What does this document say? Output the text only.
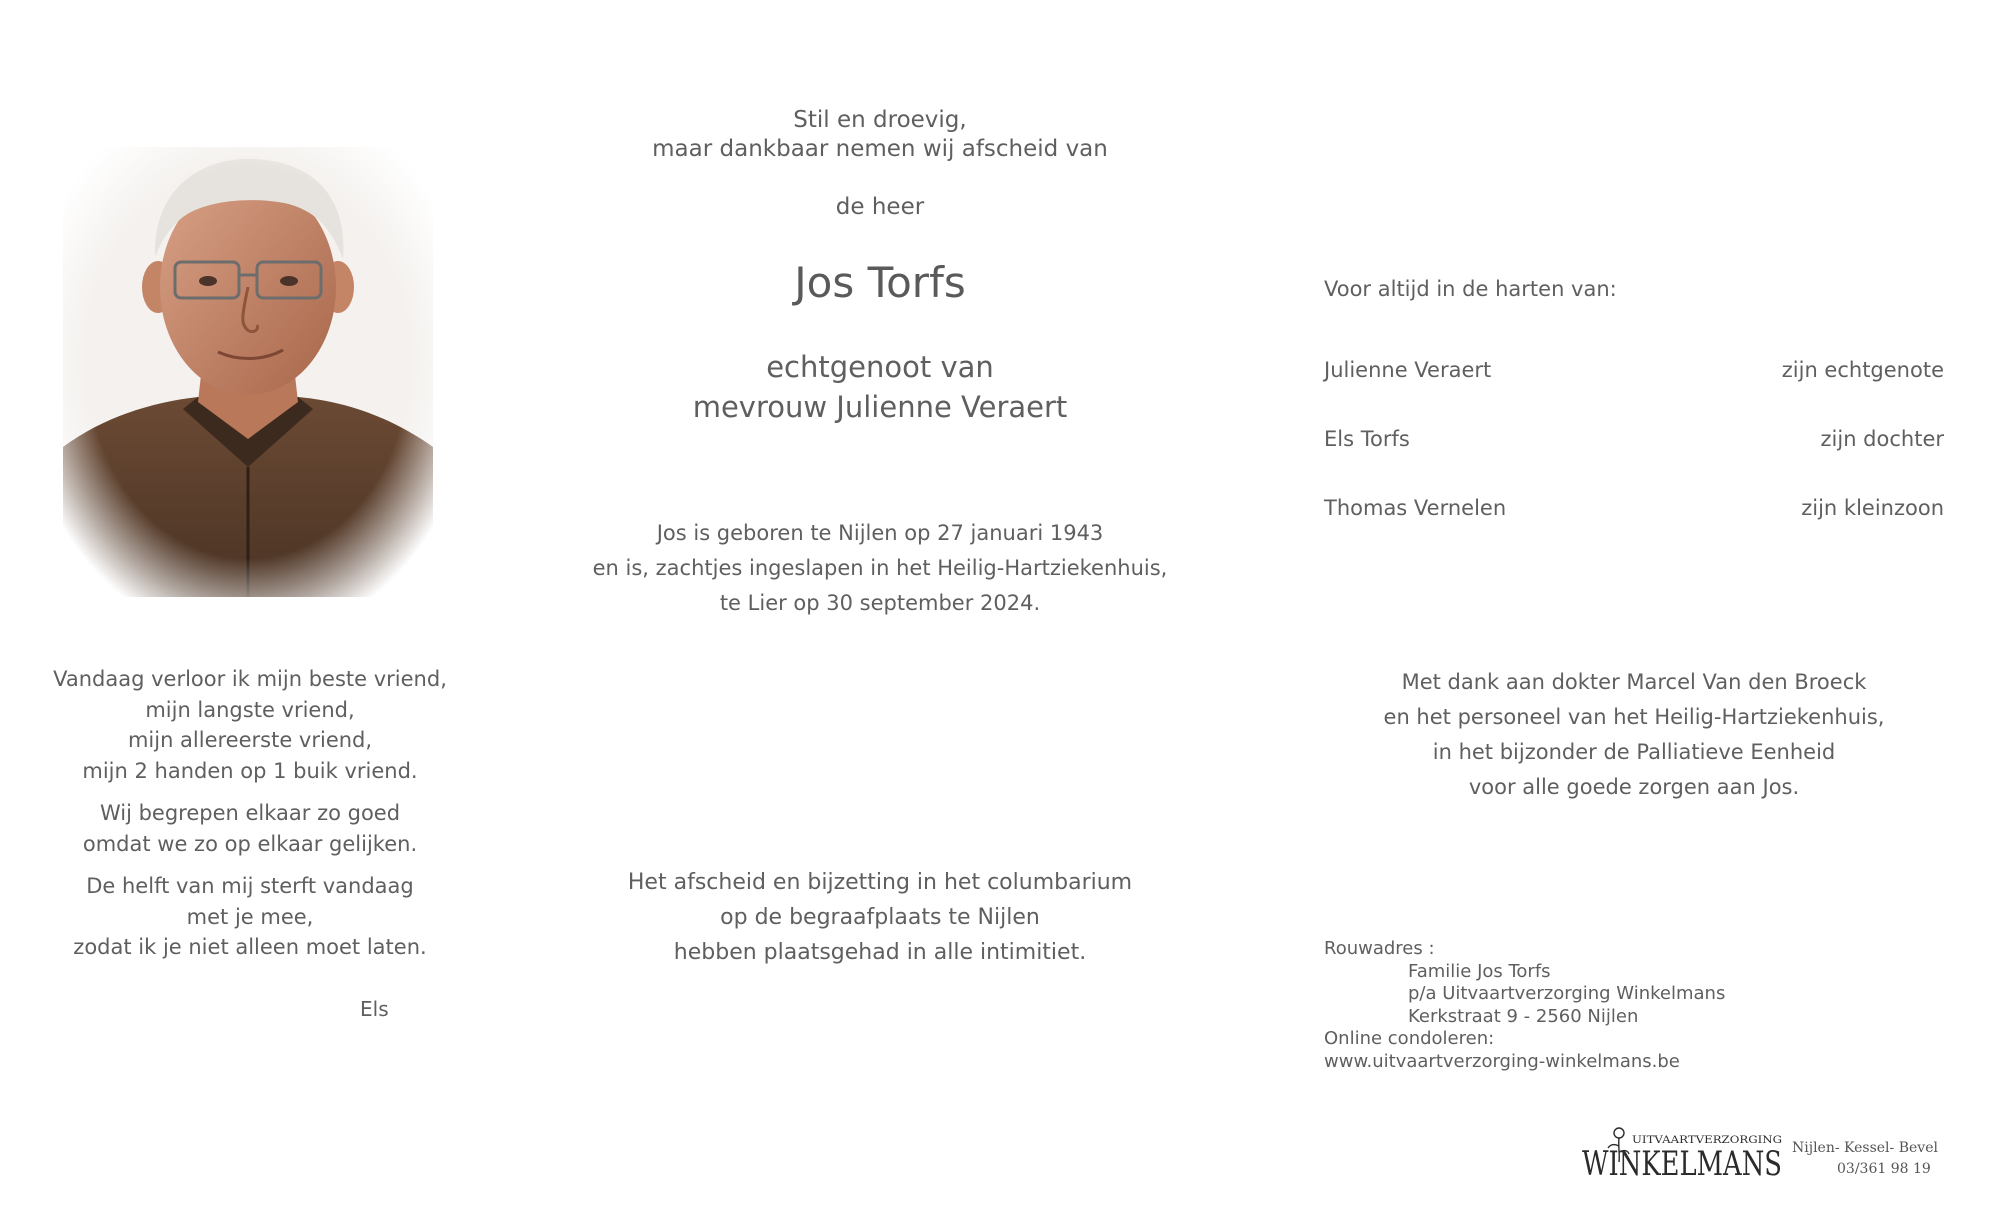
Stil en droevig,
maar dankbaar nemen wij afscheid van
de heer
Jos Torfs
echtgenoot van
mevrouw Julienne Veraert
Jos is geboren te Nijlen op 27 januari 1943
en is, zachtjes ingeslapen in het Heilig-Hartziekenhuis,
te Lier op 30 september 2024.
Het afscheid en bijzetting in het columbarium
op de begraafplaats te Nijlen
hebben plaatsgehad in alle intimitiet.
Vandaag verloor ik mijn beste vriend,
mijn langste vriend,
mijn allereerste vriend,
mijn 2 handen op 1 buik vriend.
Wij begrepen elkaar zo goed
omdat we zo op elkaar gelijken.
De helft van mij sterft vandaag
met je mee,
zodat ik je niet alleen moet laten.
Els
Voor altijd in de harten van:
Julienne Veraert	zijn echtgenote
Els Torfs	zijn dochter
Thomas Vernelen	zijn kleinzoon
Met dank aan dokter Marcel Van den Broeck
en het personeel van het Heilig-Hartziekenhuis,
in het bijzonder de Palliatieve Eenheid
voor alle goede zorgen aan Jos.
Rouwadres :
Familie Jos Torfs
p/a Uitvaartverzorging Winkelmans
Kerkstraat 9 - 2560 Nijlen
Online condoleren:
www.uitvaartverzorging-winkelmans.be
UITVAARTVERZORGING
WINKELMANS Nijlen- Kessel- Bevel
03/361 98 19
